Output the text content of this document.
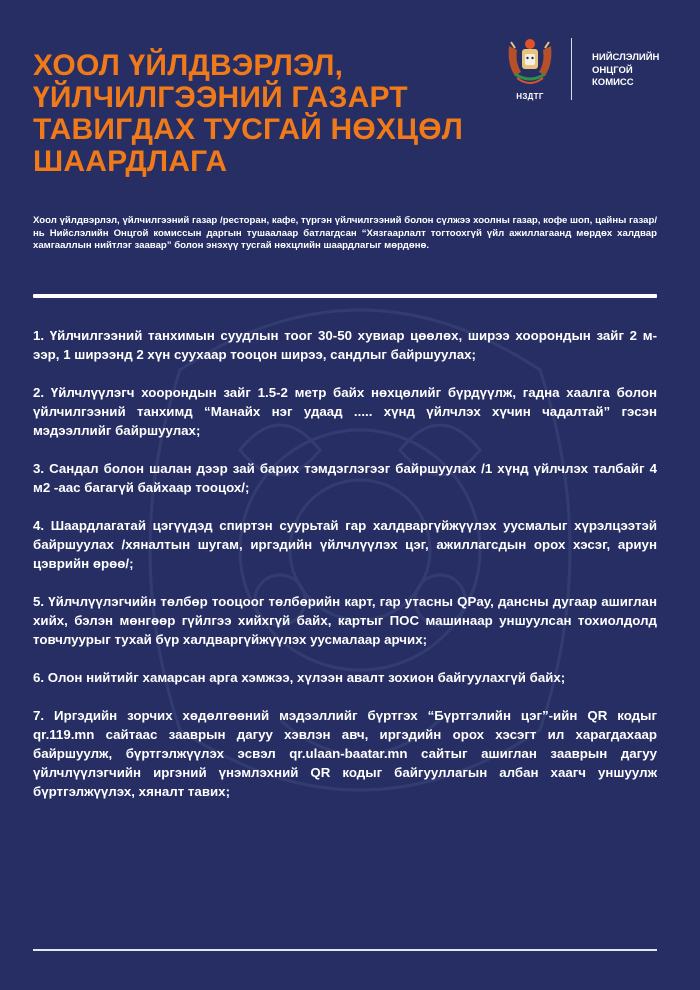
ХООЛ ҮЙЛДВЭРЛЭЛ,
ҮЙЛЧИЛГЭЭНИЙ ГАЗАРТ
ТАВИГДАХ ТУСГАЙ НӨХЦӨЛ
ШААРДЛАГА
НЗДТГ
НИЙСЛЭЛИЙН
ОНЦГОЙ
КОМИСС

Хоол үйлдвэрлэл, үйлчилгээний газар /ресторан, кафе, түргэн үйлчилгээний болон сүлжээ хоолны газар, кофе шоп, цайны газар/ нь Нийслэлийн Онцгой комиссын даргын тушаалаар батлагдсан “Хязгаарлалт тогтоохгүй үйл ажиллагаанд мөрдөх халдвар хамгааллын нийтлэг заавар” болон энэхүү тусгай нөхцлийн шаардлагыг мөрдөнө.

1. Үйлчилгээний танхимын суудлын тоог 30-50 хувиар цөөлөх, ширээ хоорондын зайг 2 м-ээр, 1 ширээнд 2 хүн суухаар тооцон ширээ, сандлыг байршуулах;

2. Үйлчлүүлэгч хоорондын зайг 1.5-2 метр байх нөхцөлийг бүрдүүлж, гадна хаалга болон үйлчилгээний танхимд “Манайх нэг удаад ..... хүнд үйлчлэх хүчин чадалтай” гэсэн мэдээллийг байршуулах;

3. Сандал болон шалан дээр зай барих тэмдэглэгээг байршуулах /1 хүнд үйлчлэх талбайг 4 м2 -аас багагүй байхаар тооцох/;

4. Шаардлагатай цэгүүдэд спиртэн суурьтай гар халдваргүйжүүлэх уусмалыг хүрэлцээтэй байршуулах /хяналтын шугам, иргэдийн үйлчлүүлэх цэг, ажиллагсдын орох хэсэг, ариун цэврийн өрөө/;

5. Үйлчлүүлэгчийн төлбөр тооцоог төлбөрийн карт, гар утасны QPay, дансны дугаар ашиглан хийх, бэлэн мөнгөөр гүйлгээ хийхгүй байх, картыг ПОС машинаар уншуулсан тохиолдолд товчлуурыг тухай бүр халдваргүйжүүлэх уусмалаар арчих;

6. Олон нийтийг хамарсан арга хэмжээ, хүлээн авалт зохион байгуулахгүй байх;

7. Иргэдийн зорчих хөдөлгөөний мэдээллийг бүртгэх “Бүртгэлийн цэг”-ийн QR кодыг qr.119.mn сайтаас зааврын дагуу хэвлэн авч, иргэдийн орох хэсэгт ил харагдахаар байршуулж, бүртгэлжүүлэх эсвэл qr.ulaan-baatar.mn сайтыг ашиглан зааврын дагуу үйлчлүүлэгчийн иргэний үнэмлэхний QR кодыг байгууллагын албан хаагч уншуулж бүртгэлжүүлэх, хяналт тавих;
